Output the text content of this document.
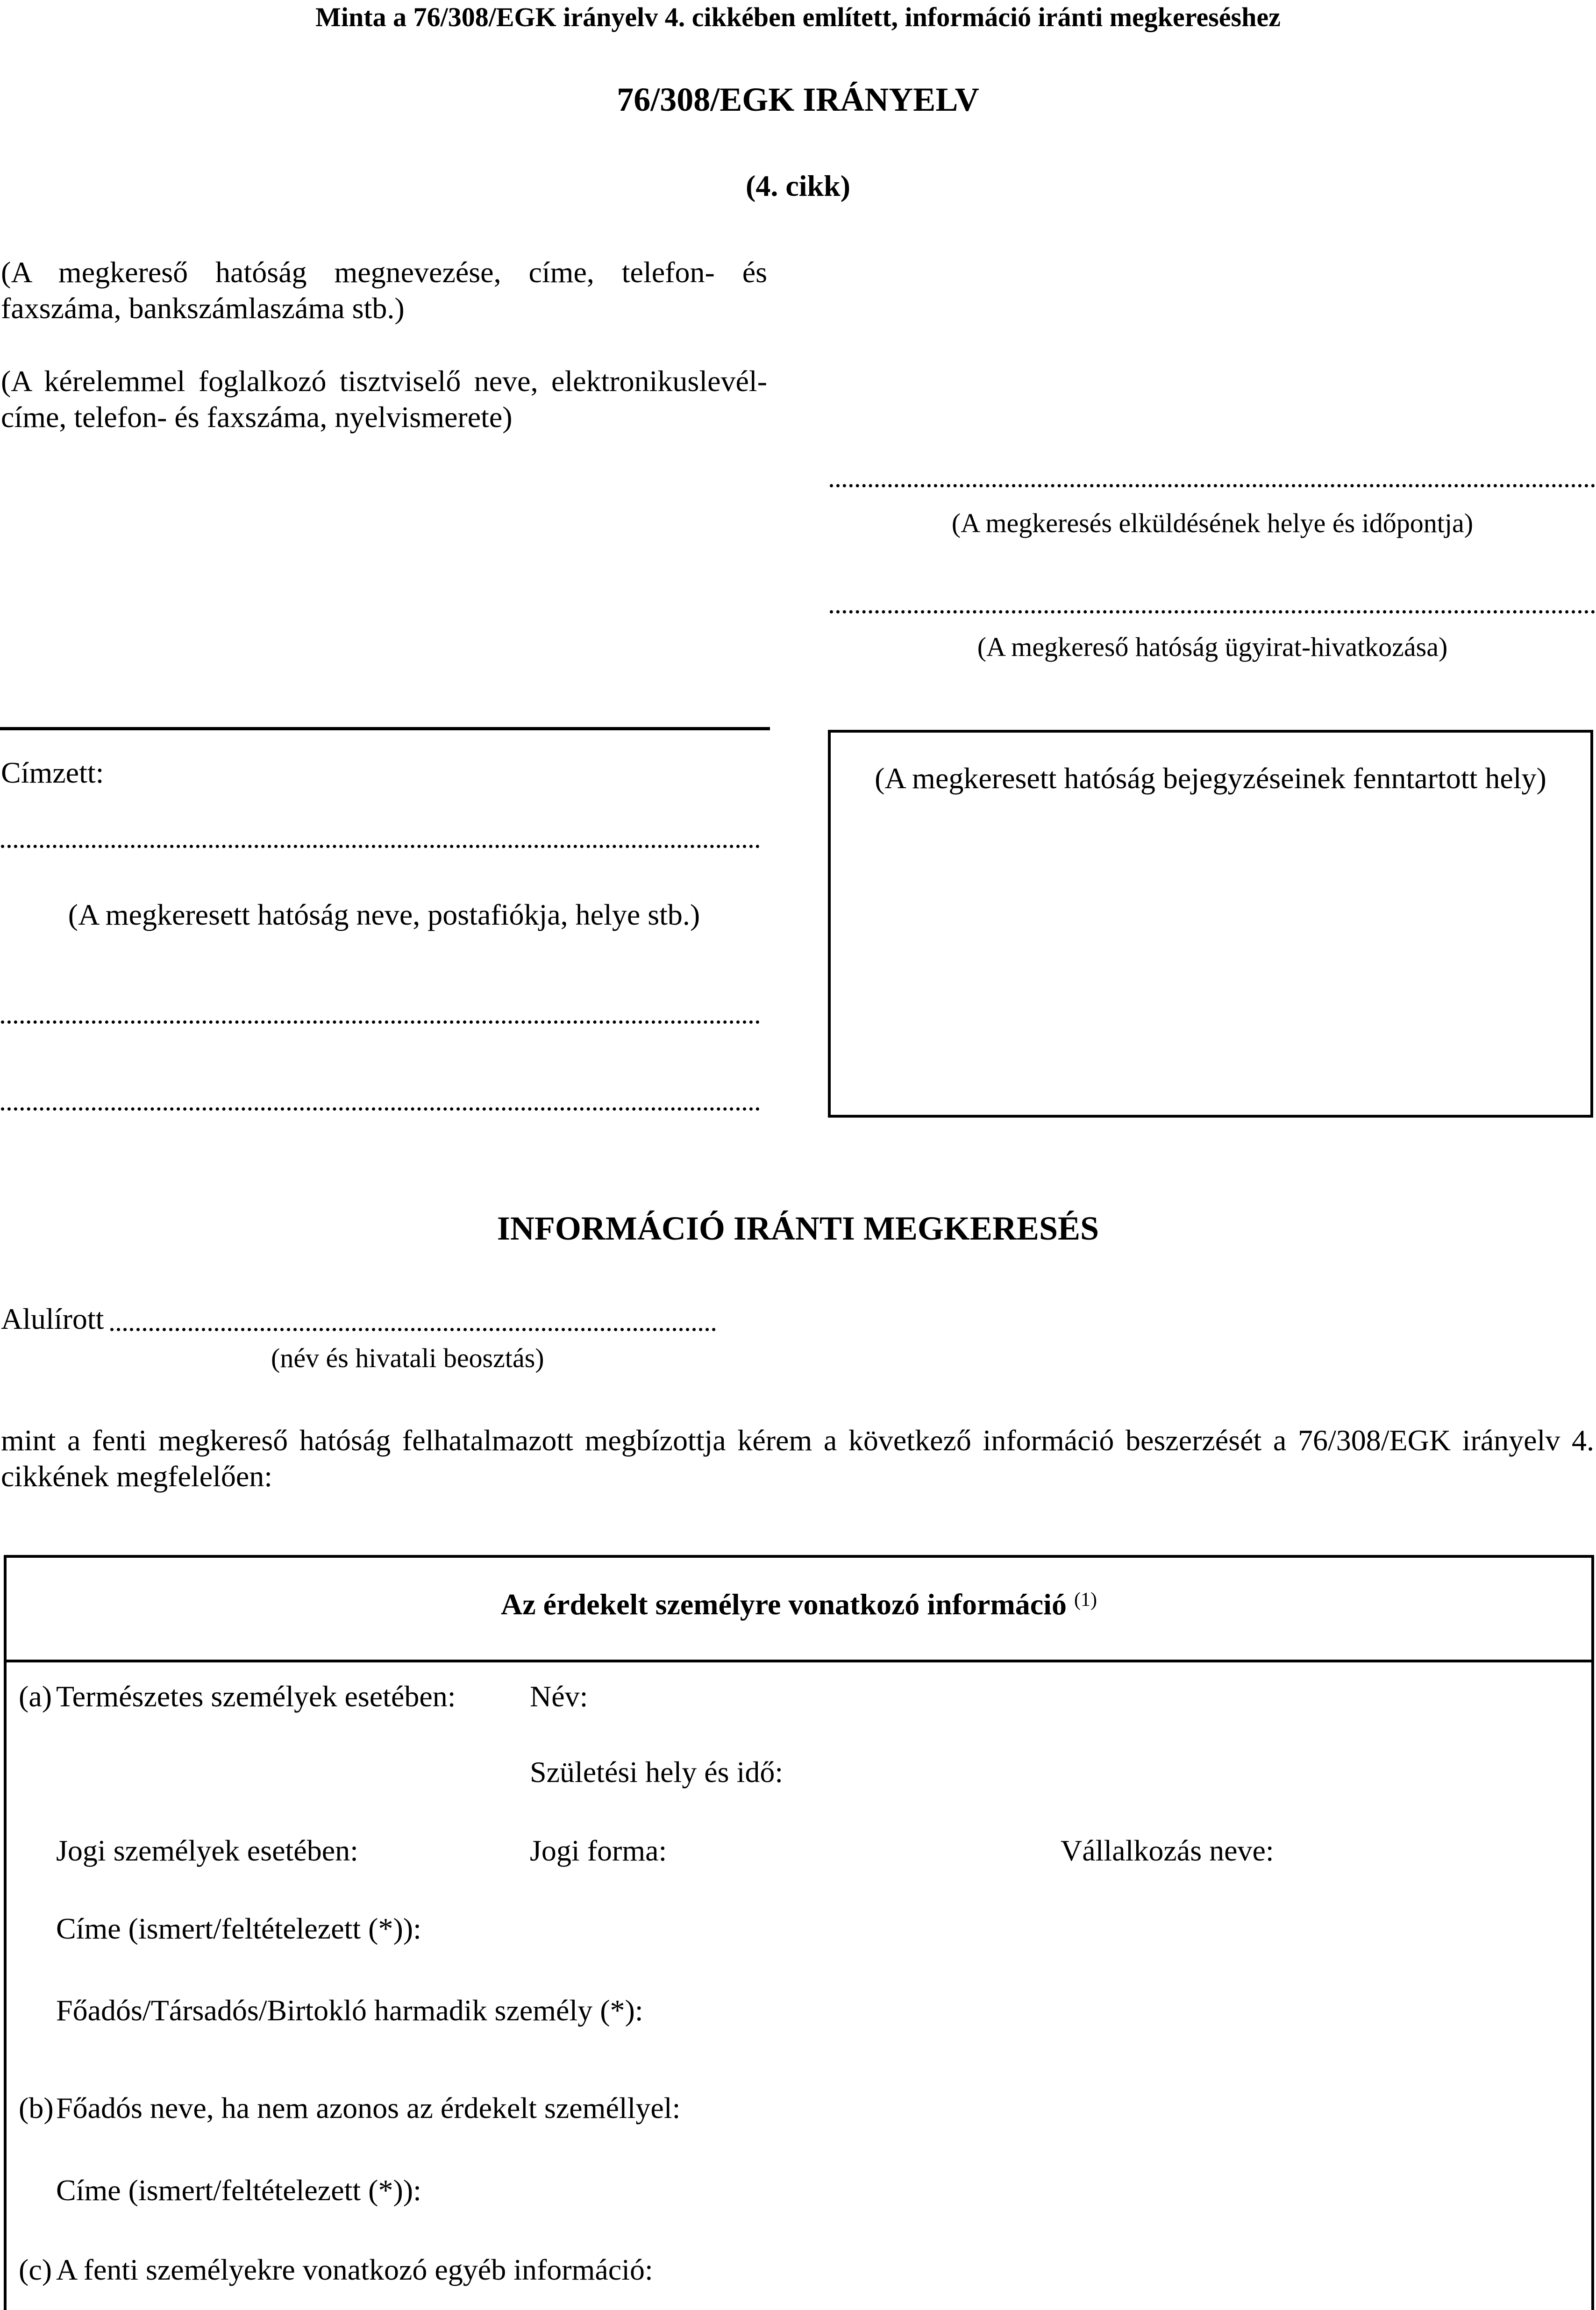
Minta a 76/308/EGK irányelv 4. cikkében említett, információ iránti megkereséshez
76/308/EGK IRÁNYELV
(4. cikk)
(A megkereső hatóság megnevezése, címe, telefon- és faxszáma, bankszámlaszáma stb.)
(A kérelemmel foglalkozó tisztviselő neve, elektronikuslevél-címe, telefon- és faxszáma, nyelvismerete)
(A megkeresés elküldésének helye és időpontja)
(A megkereső hatóság ügyirat-hivatkozása)
Címzett:
(A megkeresett hatóság neve, postafiókja, helye stb.)
(A megkeresett hatóság bejegyzéseinek fenntartott hely)
INFORMÁCIÓ IRÁNTI MEGKERESÉS
Alulírott
(név és hivatali beosztás)
mint a fenti megkereső hatóság felhatalmazott megbízottja kérem a következő információ beszerzését a 76/308/EGK irányelv 4. cikkének megfelelően:
Az érdekelt személyre vonatkozó információ $^{(1)}$
(a) Természetes személyek esetében: Név:
Születési hely és idő:
Jogi személyek esetében:	Jogi forma:	Vállalkozás neve:
Címe (ismert/feltételezett (*)):
Főadós/Társadós/Birtokló harmadik személy (*):
(b) Főadós neve, ha nem azonos az érdekelt személlyel:
Címe (ismert/feltételezett (*)):
(c) A fenti személyekre vonatkozó egyéb információ:
